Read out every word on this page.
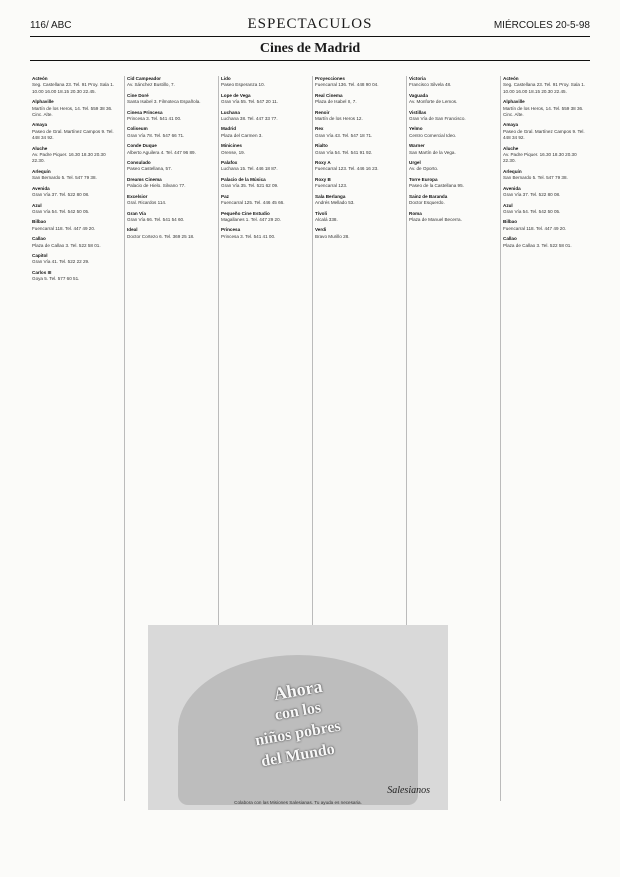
116/ ABC	ESPECTACULOS	MIÉRCOLES 20-5-98
Cines de Madrid
Acteón
Seg. Castellana 23. Tel. 91 Proy. Sala 1. 10.00 16.00 18.15 20.30 22.45.
Alphaville
Martín de los Heros, 14. Tel. 559 38 36. Cinc. Alte.
Amaya
Paseo de Gral. Martínez Campos 9. Tel. 448 34 92.
Aluche
Av. Padre Piquer. 16.30 18.30 20.30 22.30.
Arlequín
San Bernardo 5. Tel. 547 79 38.
Avenida
Gran Vía 37. Tel. 522 80 08.
Azul
Gran Vía 54. Tel. 542 50 05.
Bilbao
Fuencarral 118. Tel. 447 49 20.
Callao
Plaza de Callao 3. Tel. 522 58 01.
Capitol
Gran Vía 41. Tel. 522 22 29.
Carlos III
Goya 5. Tel. 577 60 51.
Cid Campeador
Av. Sánchez Bustillo, 7.
Cine Doré
Santa Isabel 3. Filmoteca Española.
Cinesa Princesa
Princesa 3. Tel. 541 41 00.
Coliseum
Gran Vía 78. Tel. 547 66 71.
Conde Duque
Alberto Aguilera 4. Tel. 447 96 89.
Consulado
Paseo Castellana, 57.
Dreams Cinema
Palacio de Hielo. Silvano 77.
Excelsior
Gral. Ricardos 114.
Gran Vía
Gran Vía 66. Tel. 541 54 60.
Ideal
Doctor Cortezo 6. Tel. 369 25 18.
Lido
Paseo Esperanza 10.
Lope de Vega
Gran Vía 55. Tel. 547 20 11.
Luchana
Luchana 38. Tel. 447 33 77.
Madrid
Plaza del Carmen 3.
Minicines
Orense, 19.
Palafox
Luchana 15. Tel. 446 18 87.
Palacio de la Música
Gran Vía 35. Tel. 521 62 09.
Paz
Fuencarral 125. Tel. 446 45 66.
Pequeño Cine Estudio
Magallanes 1. Tel. 447 29 20.
Princesa
Princesa 3. Tel. 541 41 00.
Proyecciones
Fuencarral 136. Tel. 448 90 04.
Real Cinema
Plaza de Isabel II, 7.
Renoir
Martín de los Heros 12.
Rex
Gran Vía 43. Tel. 547 18 71.
Rialto
Gran Vía 54. Tel. 541 91 92.
Roxy A
Fuencarral 123. Tel. 446 16 23.
Roxy B
Fuencarral 123.
Sala Berlanga
Andrés Mellado 53.
Tívoli
Alcalá 338.
Verdi
Bravo Murillo 28.
Victoria
Francisco Silvela 48.
Vaguada
Av. Monforte de Lemos.
Vistillas
Gran Vía de San Francisco.
Yelmo
Centro Comercial Ideo.
Warner
San Martín de la Vega.
Urgel
Av. de Oporto.
Torre Europa
Paseo de la Castellana 95.
Sainz de Baranda
Doctor Esquerdo.
Roma
Plaza de Manuel Becerra.
Acteón
Seg. Castellana 23. Tel. 91 Proy. Sala 1. 10.00 16.00 18.15 20.30 22.45.
Alphaville
Martín de los Heros, 14. Tel. 559 38 36. Cinc. Alte.
Amaya
Paseo de Gral. Martínez Campos 9. Tel. 448 34 92.
Aluche
Av. Padre Piquer. 16.30 18.30 20.30 22.30.
Arlequín
San Bernardo 5. Tel. 547 79 38.
Avenida
Gran Vía 37. Tel. 522 80 08.
Azul
Gran Vía 54. Tel. 542 50 05.
Bilbao
Fuencarral 118. Tel. 447 49 20.
Callao
Plaza de Callao 3. Tel. 522 58 01.
Ahora
con los
niños pobres
del Mundo
Salesianos
Colabora con las Misiones Salesianas. Tu ayuda es necesaria.
